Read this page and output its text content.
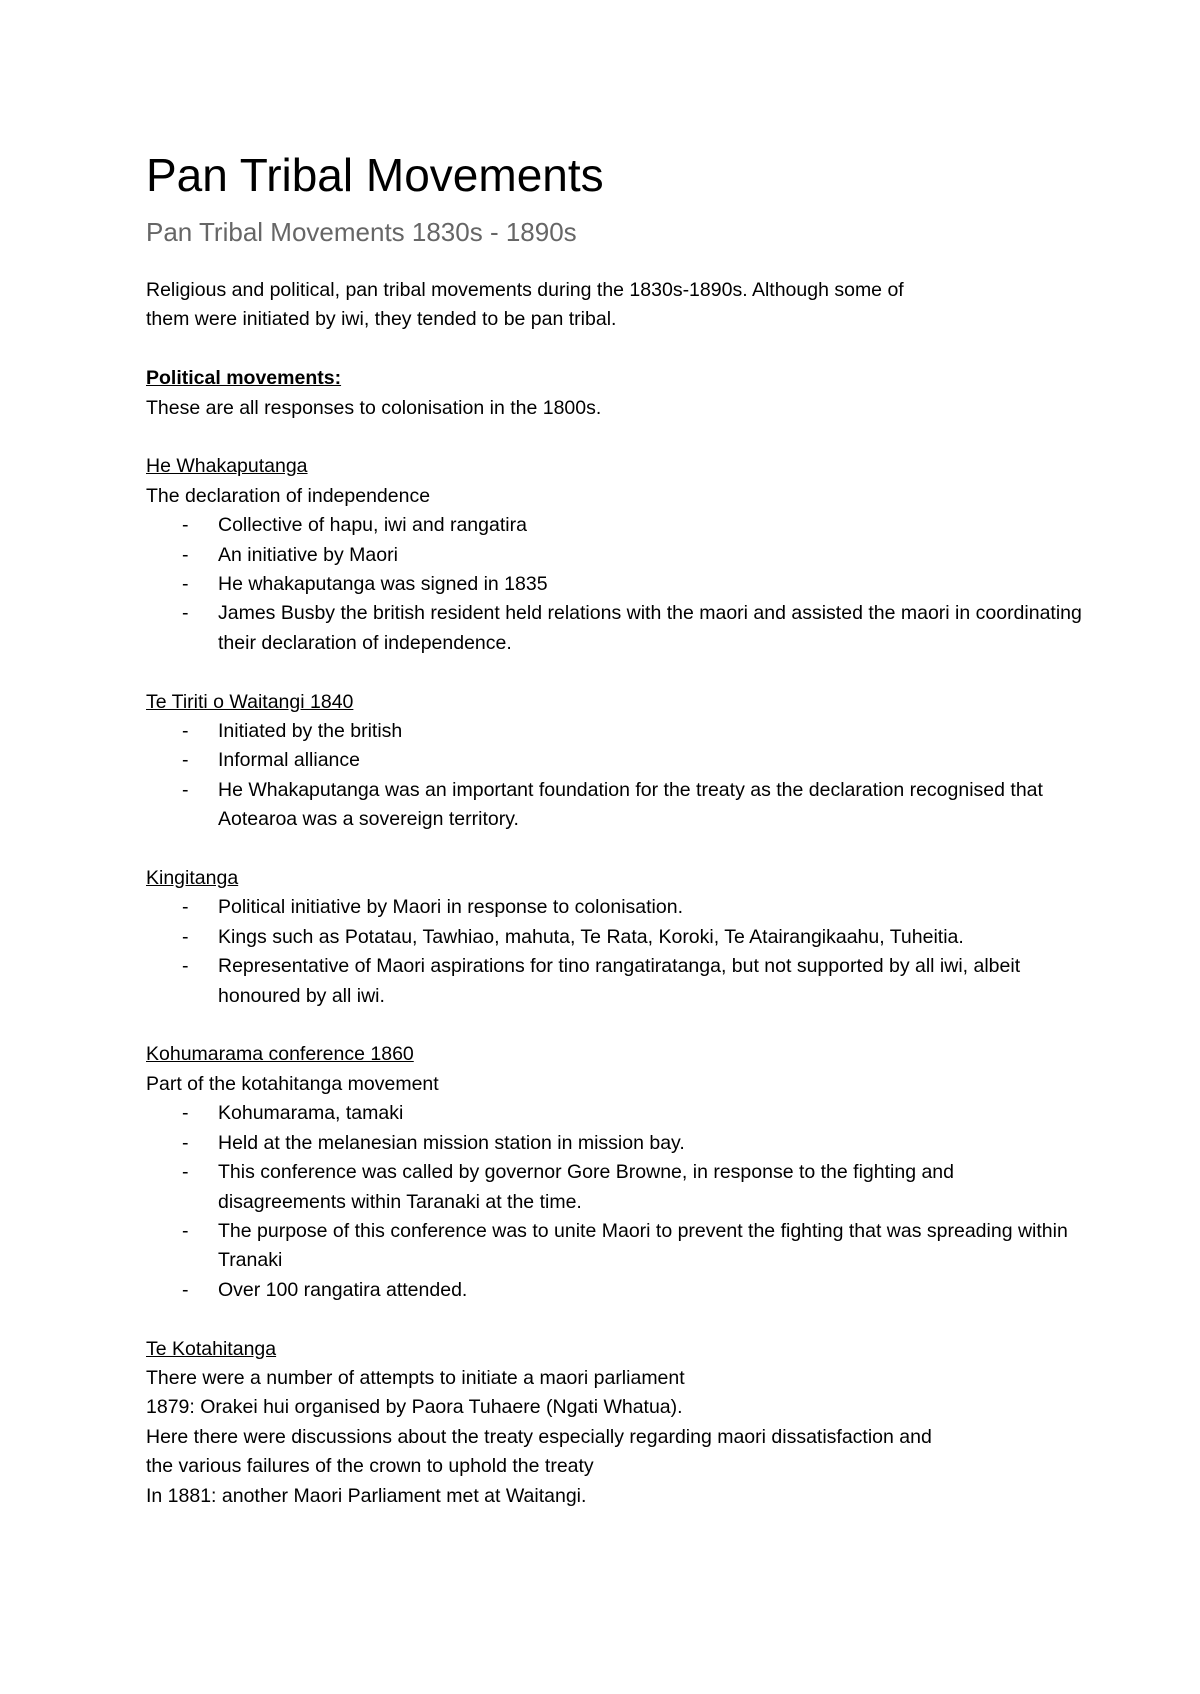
Pan Tribal Movements
Pan Tribal Movements 1830s - 1890s
Religious and political, pan tribal movements during the 1830s-1890s. Although some of
them were initiated by iwi, they tended to be pan tribal.
Political movements:
These are all responses to colonisation in the 1800s.
He Whakaputanga
The declaration of independence
- Collective of hapu, iwi and rangatira
- An initiative by Maori
- He whakaputanga was signed in 1835
- James Busby the british resident held relations with the maori and assisted the maori in coordinating their declaration of independence.
Te Tiriti o Waitangi 1840
- Initiated by the british
- Informal alliance
- He Whakaputanga was an important foundation for the treaty as the declaration recognised that Aotearoa was a sovereign territory.
Kingitanga
- Political initiative by Maori in response to colonisation.
- Kings such as Potatau, Tawhiao, mahuta, Te Rata, Koroki, Te Atairangikaahu, Tuheitia.
- Representative of Maori aspirations for tino rangatiratanga, but not supported by all iwi, albeit honoured by all iwi.
Kohumarama conference 1860
Part of the kotahitanga movement
- Kohumarama, tamaki
- Held at the melanesian mission station in mission bay.
- This conference was called by governor Gore Browne, in response to the fighting and disagreements within Taranaki at the time.
- The purpose of this conference was to unite Maori to prevent the fighting that was spreading within Tranaki
- Over 100 rangatira attended.
Te Kotahitanga
There were a number of attempts to initiate a maori parliament
1879: Orakei hui organised by Paora Tuhaere (Ngati Whatua).
Here there were discussions about the treaty especially regarding maori dissatisfaction and
the various failures of the crown to uphold the treaty
In 1881: another Maori Parliament met at Waitangi.
